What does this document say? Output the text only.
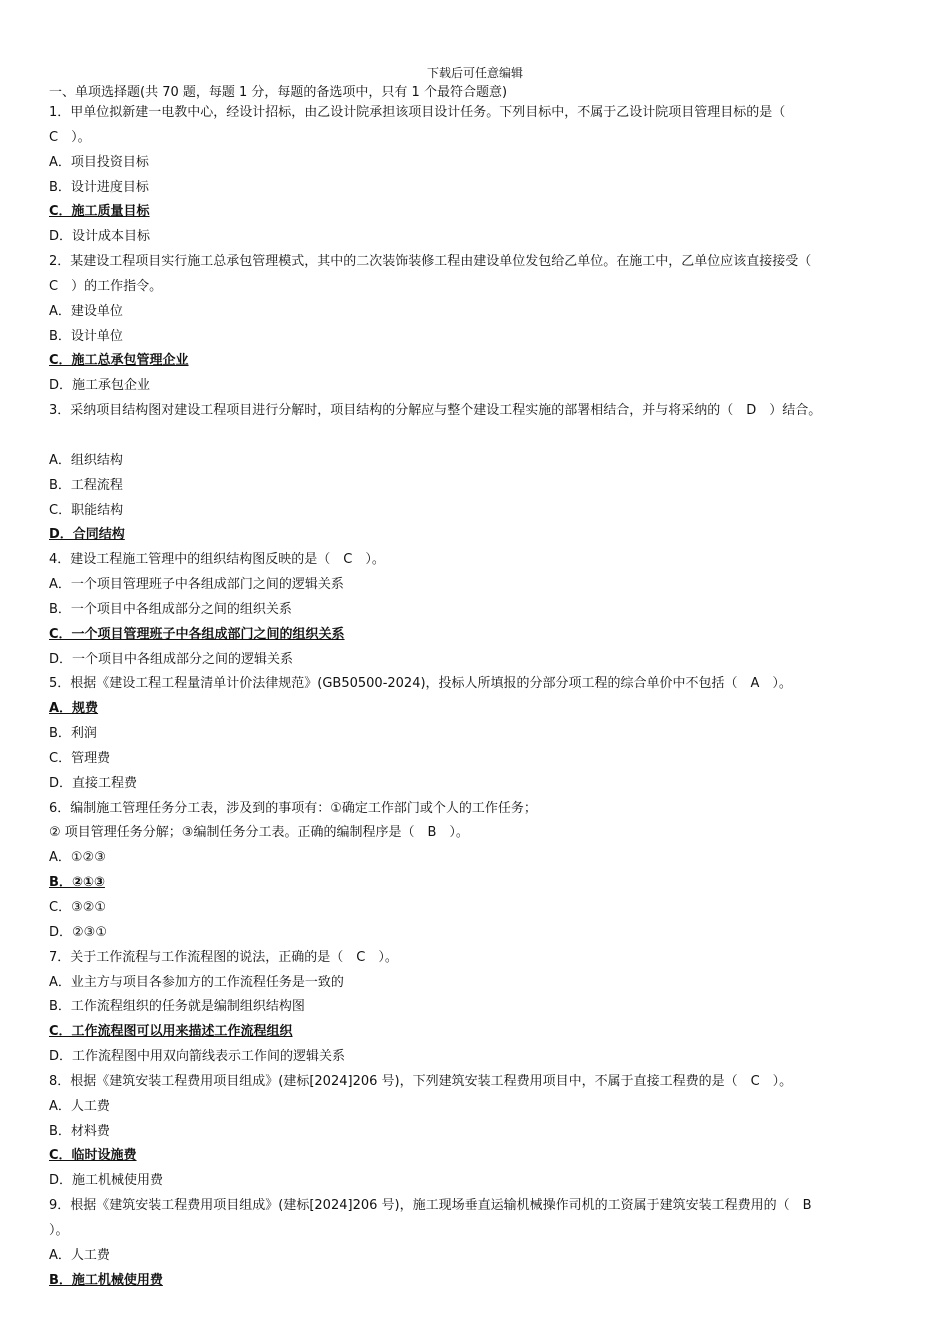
下载后可任意编辑
一、单项选择题(共 70 题，每题 1 分，每题的备选项中，只有 1 个最符合题意)
1．甲单位拟新建一电教中心，经设计招标，由乙设计院承担该项目设计任务。下列目标中，不属于乙设计院项目管理目标的是（
C　）。
A．项目投资目标
B．设计进度目标
C．施工质量目标
D．设计成本目标
2．某建设工程项目实行施工总承包管理模式，其中的二次装饰装修工程由建设单位发包给乙单位。在施工中，乙单位应该直接接受（
C　）的工作指令。
A．建设单位
B．设计单位
C．施工总承包管理企业
D．施工承包企业
3．采纳项目结构图对建设工程项目进行分解时，项目结构的分解应与整个建设工程实施的部署相结合，并与将采纳的（　D　）结合。
A．组织结构
B．工程流程
C．职能结构
D．合同结构
4．建设工程施工管理中的组织结构图反映的是（　C　）。
A．一个项目管理班子中各组成部门之间的逻辑关系
B．一个项目中各组成部分之间的组织关系
C．一个项目管理班子中各组成部门之间的组织关系
D．一个项目中各组成部分之间的逻辑关系
5．根据《建设工程工程量清单计价法律规范》(GB50500-2024)，投标人所填报的分部分项工程的综合单价中不包括（　A　）。
A．规费
B．利润
C．管理费
D．直接工程费
6．编制施工管理任务分工表，涉及到的事项有：①确定工作部门或个人的工作任务；
② 项目管理任务分解；③编制任务分工表。正确的编制程序是（　B　）。
A．①②③
B．②①③
C．③②①
D．②③①
7．关于工作流程与工作流程图的说法，正确的是（　C　）。
A．业主方与项目各参加方的工作流程任务是一致的
B．工作流程组织的任务就是编制组织结构图
C．工作流程图可以用来描述工作流程组织
D．工作流程图中用双向箭线表示工作间的逻辑关系
8．根据《建筑安装工程费用项目组成》(建标[2024]206 号)，下列建筑安装工程费用项目中，不属于直接工程费的是（　C　）。
A．人工费
B．材料费
C．临时设施费
D．施工机械使用费
9．根据《建筑安装工程费用项目组成》(建标[2024]206 号)，施工现场垂直运输机械操作司机的工资属于建筑安装工程费用的（　B
）。
A．人工费
B．施工机械使用费
